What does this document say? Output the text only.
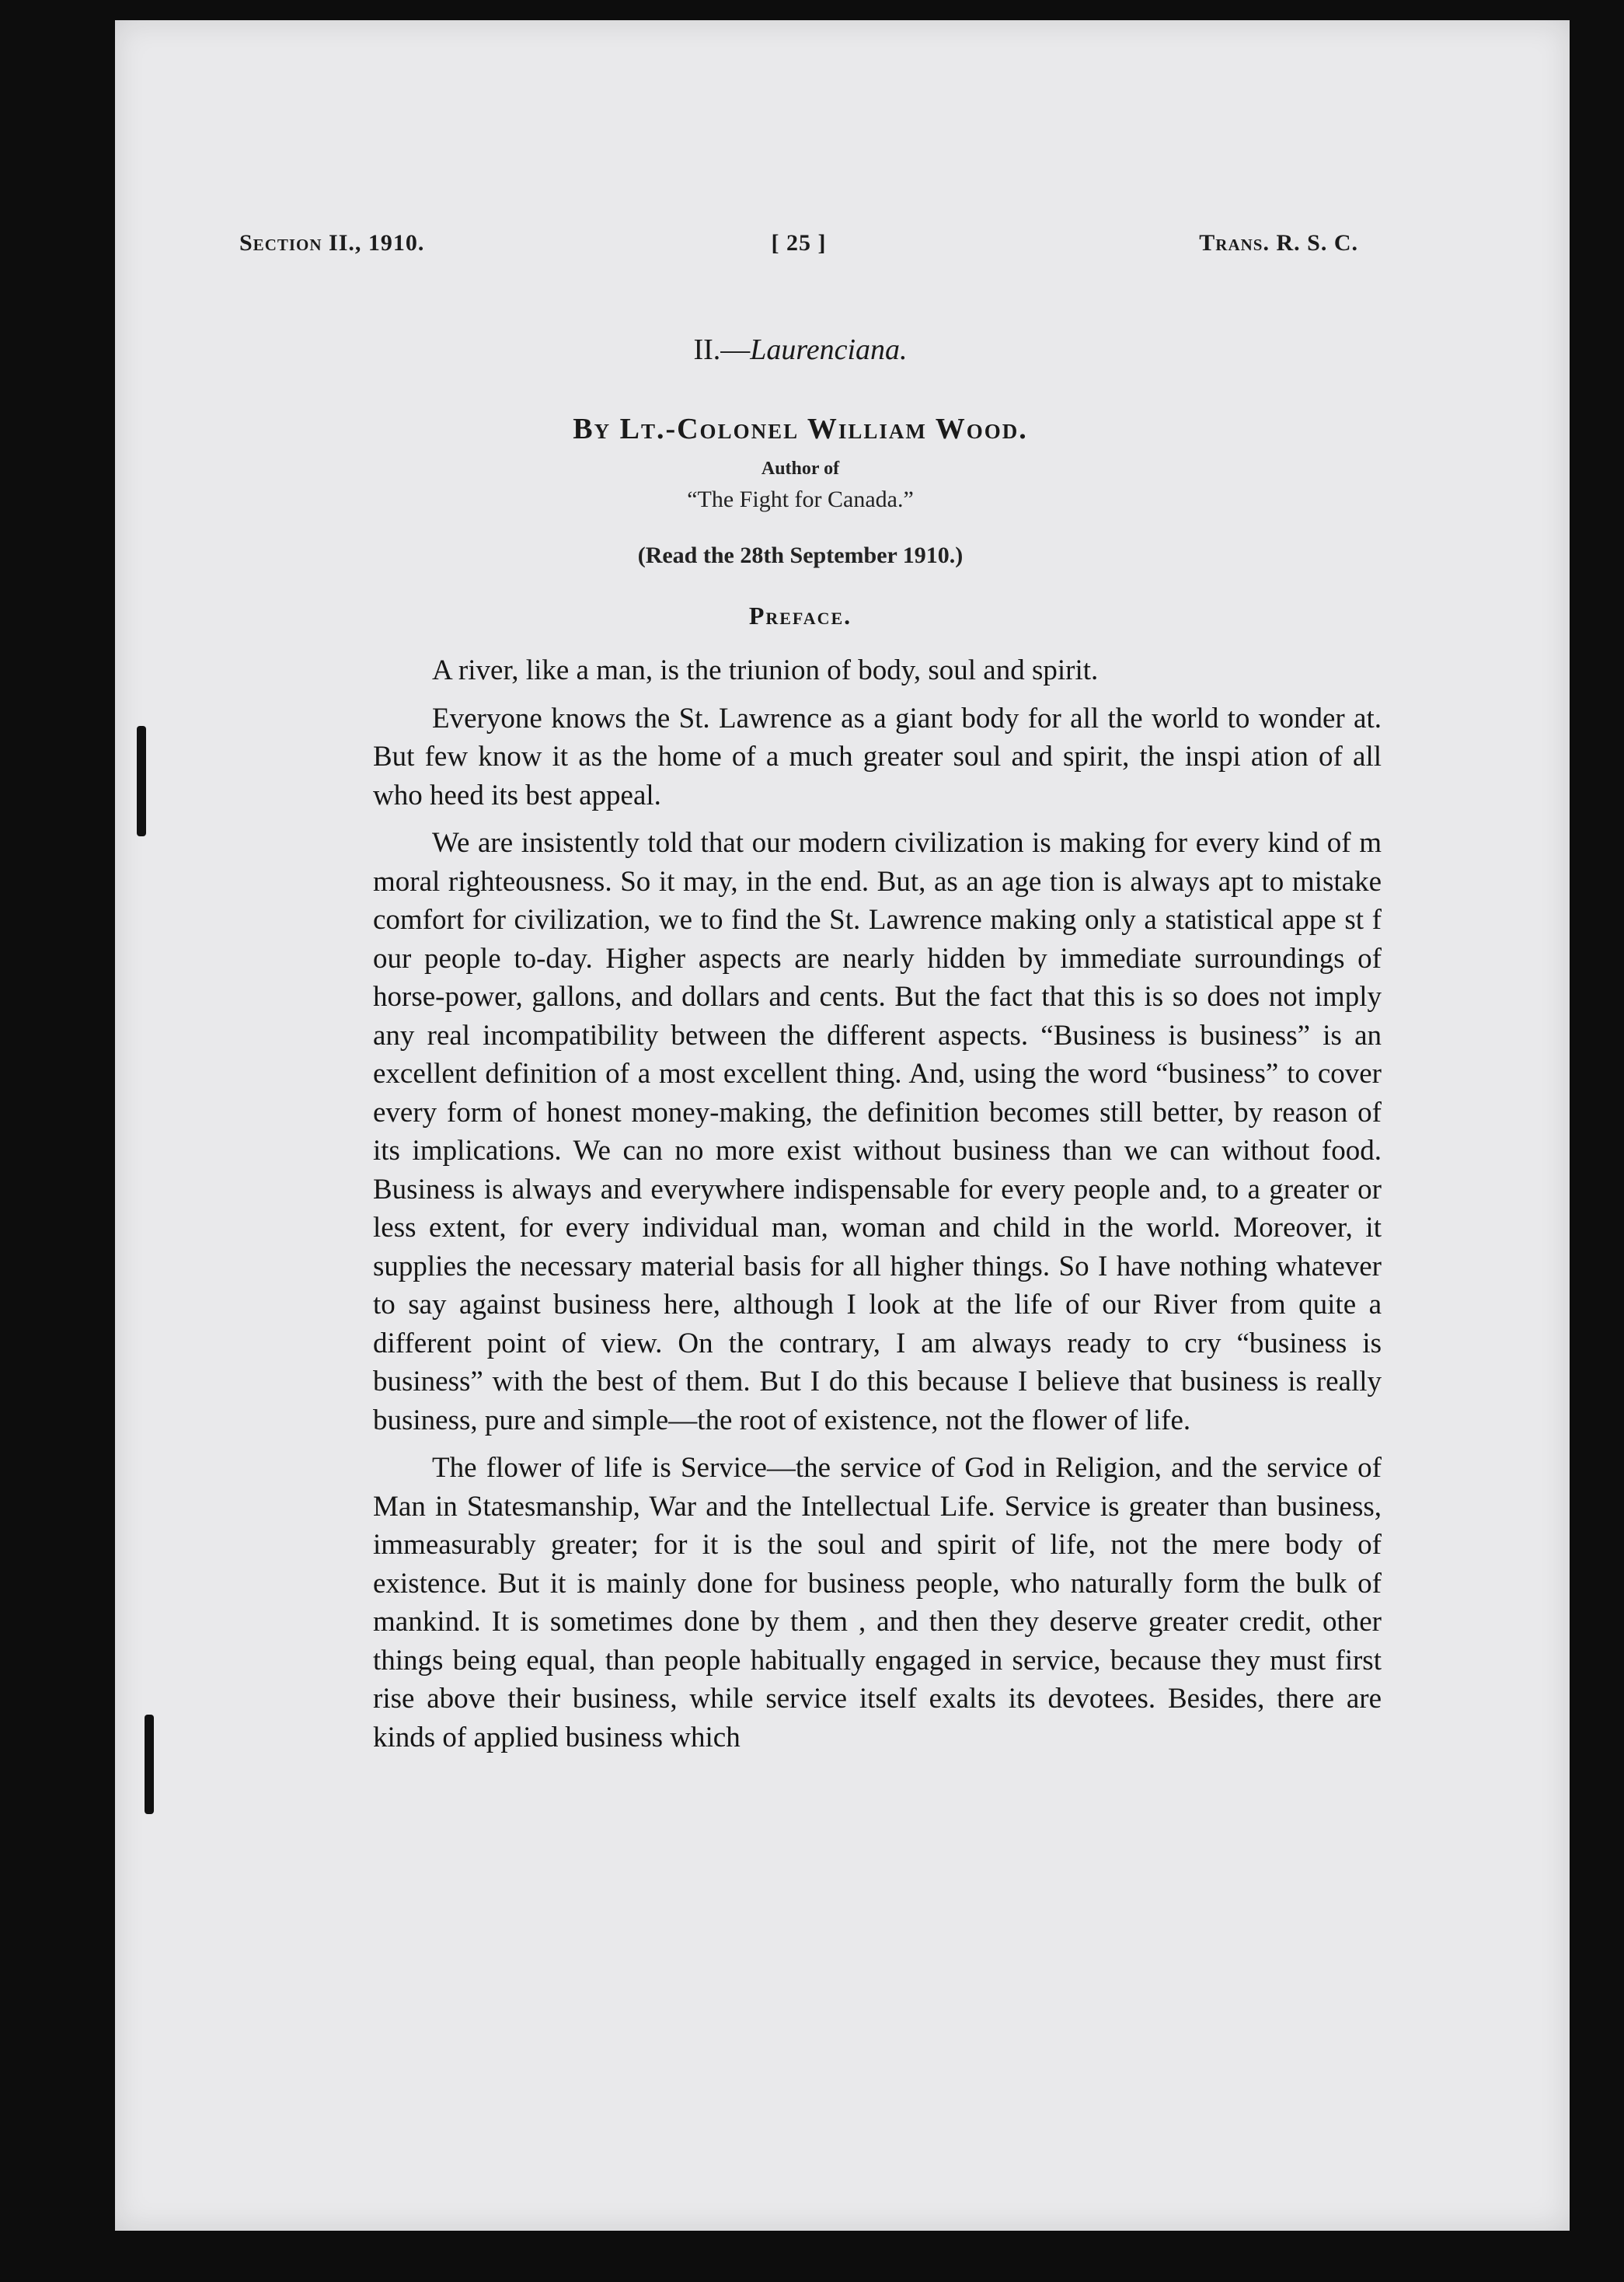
Section II., 1910.	[ 25 ]	Trans. R. S. C.
II.—Laurenciana.
By Lt.-Colonel William Wood.
Author of
“The Fight for Canada.”
(Read the 28th September 1910.)
Preface.

A river, like a man, is the triunion of body, soul and spirit.

Everyone knows the St. Lawrence as a giant body for all the world to wonder at. But few know it as the home of a much greater soul and spirit, the inspi ation of all who heed its best appeal.

We are insistently told that our modern civilization is making for every kind of m moral righteousness. So it may, in the end. But, as an age tion is always apt to mistake comfort for civilization, we to find the St. Lawrence making only a statistical appe st f our people to-day. Higher aspects are nearly hidden by immediate surroundings of horse-power, gallons, and dollars and cents. But the fact that this is so does not imply any real incompatibility between the different aspects. “Business is business” is an excellent definition of a most excellent thing. And, using the word “business” to cover every form of honest money-making, the definition becomes still better, by reason of its implications. We can no more exist without business than we can without food. Business is always and everywhere indispensable for every people and, to a greater or less extent, for every individual man, woman and child in the world. Moreover, it supplies the necessary material basis for all higher things. So I have nothing whatever to say against business here, although I look at the life of our River from quite a different point of view. On the contrary, I am always ready to cry “business is business” with the best of them. But I do this because I believe that business is really business, pure and simple—the root of existence, not the flower of life.

The flower of life is Service—the service of God in Religion, and the service of Man in Statesmanship, War and the Intellectual Life. Service is greater than business, immeasurably greater; for it is the soul and spirit of life, not the mere body of existence. But it is mainly done for business people, who naturally form the bulk of mankind. It is sometimes done by them , and then they deserve greater credit, other things being equal, than people habitually engaged in service, because they must first rise above their business, while service itself exalts its devotees. Besides, there are kinds of applied business which
